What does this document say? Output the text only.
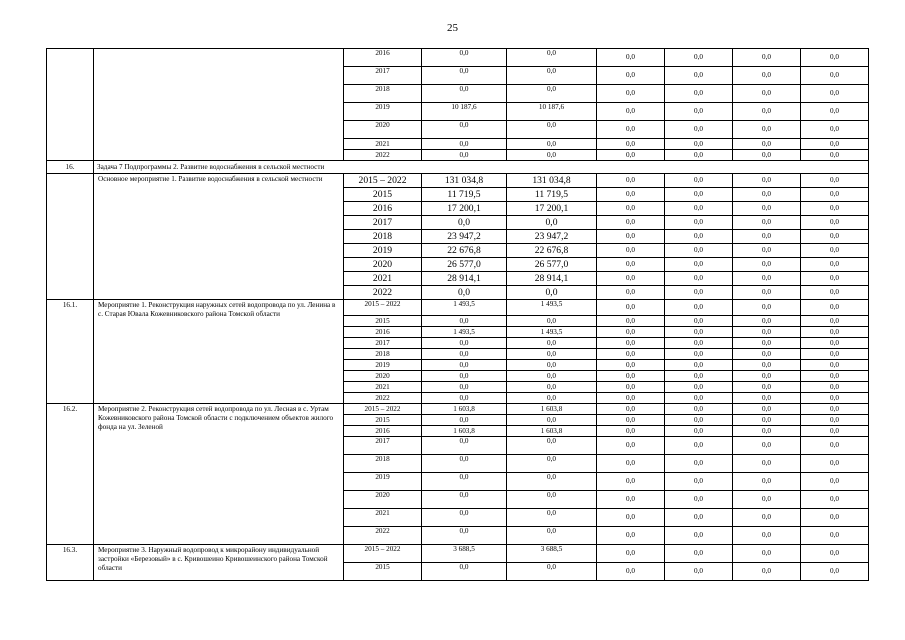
25
		2016	0,0	0,0	0,0	0,0	0,0	0,0
		2017	0,0	0,0	0,0	0,0	0,0	0,0
		2018	0,0	0,0	0,0	0,0	0,0	0,0
		2019	10 187,6	10 187,6	0,0	0,0	0,0	0,0
		2020	0,0	0,0	0,0	0,0	0,0	0,0
		2021	0,0	0,0	0,0	0,0	0,0	0,0
		2022	0,0	0,0	0,0	0,0	0,0	0,0
16.	Задача 7 Подпрограммы 2. Развитие водоснабжения в сельской местности							
	Основное мероприятие 1. Развитие водоснабжения в сельской местности	2015 – 2022	131 034,8	131 034,8	0,0	0,0	0,0	0,0
		2015	11 719,5	11 719,5	0,0	0,0	0,0	0,0
		2016	17 200,1	17 200,1	0,0	0,0	0,0	0,0
		2017	0,0	0,0	0,0	0,0	0,0	0,0
		2018	23 947,2	23 947,2	0,0	0,0	0,0	0,0
		2019	22 676,8	22 676,8	0,0	0,0	0,0	0,0
		2020	26 577,0	26 577,0	0,0	0,0	0,0	0,0
		2021	28 914,1	28 914,1	0,0	0,0	0,0	0,0
		2022	0,0	0,0	0,0	0,0	0,0	0,0
16.1.	Мероприятие 1. Реконструкция наружных сетей водопровода по ул. Ленина в с. Старая Ювала Кожевниковского района Томской области	2015 – 2022	1 493,5	1 493,5	0,0	0,0	0,0	0,0
		2015	0,0	0,0	0,0	0,0	0,0	0,0
		2016	1 493,5	1 493,5	0,0	0,0	0,0	0,0
		2017	0,0	0,0	0,0	0,0	0,0	0,0
		2018	0,0	0,0	0,0	0,0	0,0	0,0
		2019	0,0	0,0	0,0	0,0	0,0	0,0
		2020	0,0	0,0	0,0	0,0	0,0	0,0
		2021	0,0	0,0	0,0	0,0	0,0	0,0
		2022	0,0	0,0	0,0	0,0	0,0	0,0
16.2.	Мероприятие 2. Реконструкция сетей водопровода по ул. Лесная в с. Уртам Кожевниковского района Томской области с подключением объектов жилого фонда на ул. Зеленой	2015 – 2022	1 603,8	1 603,8	0,0	0,0	0,0	0,0
		2015	0,0	0,0	0,0	0,0	0,0	0,0
		2016	1 603,8	1 603,8	0,0	0,0	0,0	0,0
		2017	0,0	0,0	0,0	0,0	0,0	0,0
		2018	0,0	0,0	0,0	0,0	0,0	0,0
		2019	0,0	0,0	0,0	0,0	0,0	0,0
		2020	0,0	0,0	0,0	0,0	0,0	0,0
		2021	0,0	0,0	0,0	0,0	0,0	0,0
		2022	0,0	0,0	0,0	0,0	0,0	0,0
16.3.	Мероприятие 3. Наружный водопровод к микрорайону индивидуальной застройки «Березовый» в с. Кривошеино Кривошеинского района Томской области	2015 – 2022	3 688,5	3 688,5	0,0	0,0	0,0	0,0
		2015	0,0	0,0	0,0	0,0	0,0	0,0
